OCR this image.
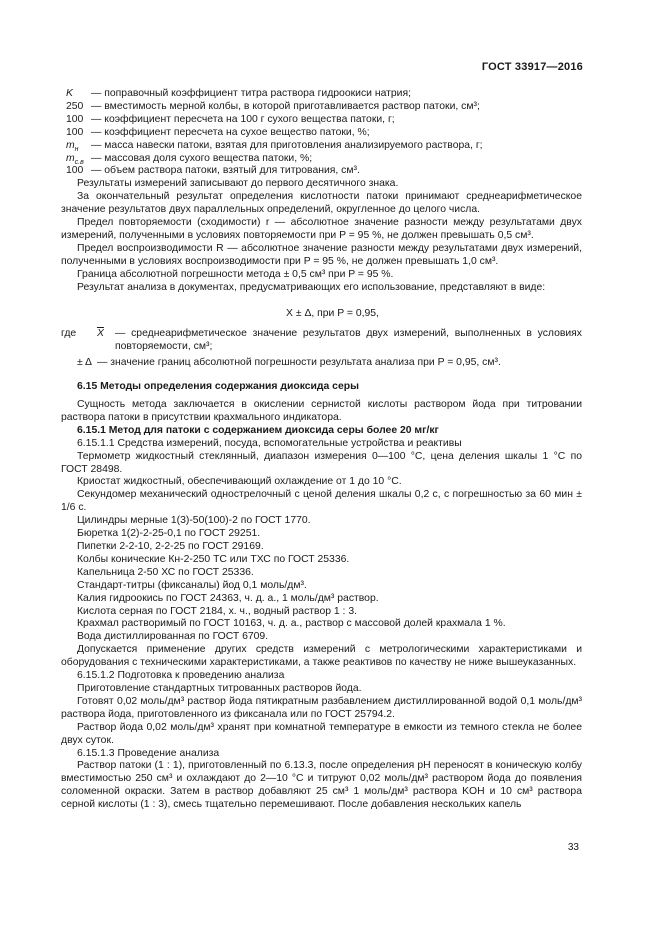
ГОСТ 33917—2016
K	— поправочный коэффициент титра раствора гидроокиси натрия;
250 — вместимость мерной колбы, в которой приготавливается раствор патоки, см³;
100 — коэффициент пересчета на 100 г сухого вещества патоки, г;
100 — коэффициент пересчета на сухое вещество патоки, %;
$m_н$	— масса навески патоки, взятая для приготовления анализируемого раствора, г;
$m_{с.в}$ — массовая доля сухого вещества патоки, %;
100 — объем раствора патоки, взятый для титрования, см³.

Результаты измерений записывают до первого десятичного знака.

За окончательный результат определения кислотности патоки принимают среднеарифметическое значение результатов двух параллельных определений, округленное до целого числа.

Предел повторяемости (сходимости) r — абсолютное значение разности между результатами двух измерений, полученными в условиях повторяемости при P = 95 %, не должен превышать 0,5 см³.

Предел воспроизводимости R — абсолютное значение разности между результатами двух измерений, полученными в условиях воспроизводимости при P = 95 %, не должен превышать 1,0 см³.

Граница абсолютной погрешности метода ± 0,5 см³ при P = 95 %.

Результат анализа в документах, предусматривающих его использование, представляют в виде:

X ± Δ, при P = 0,95,
где	$\overline{X}$	— среднеарифметическое значение результатов двух измерений, выполненных в условиях повторяемости, см³;
± Δ — значение границ абсолютной погрешности результата анализа при P = 0,95, см³.

6.15 Методы определения содержания диоксида серы

Сущность метода заключается в окислении сернистой кислоты раствором йода при титровании раствора патоки в присутствии крахмального индикатора.

6.15.1 Метод для патоки с содержанием диоксида серы более 20 мг/кг

6.15.1.1 Средства измерений, посуда, вспомогательные устройства и реактивы

Термометр жидкостный стеклянный, диапазон измерения 0—100 °С, цена деления шкалы 1 °С по ГОСТ 28498.

Криостат жидкостный, обеспечивающий охлаждение от 1 до 10 °С.

Секундомер механический однострелочный с ценой деления шкалы 0,2 с, с погрешностью за 60 мин ± 1/6 с.

Цилиндры мерные 1(3)-50(100)-2 по ГОСТ 1770.

Бюретка 1(2)-2-25-0,1 по ГОСТ 29251.

Пипетки 2-2-10, 2-2-25 по ГОСТ 29169.

Колбы конические Кн-2-250 ТС или ТХС по ГОСТ 25336.

Капельница 2-50 ХС по ГОСТ 25336.

Стандарт-титры (фиксаналы) йод 0,1 моль/дм³.

Калия гидроокись по ГОСТ 24363, ч. д. а., 1 моль/дм³ раствор.

Кислота серная по ГОСТ 2184, х. ч., водный раствор 1 : 3.

Крахмал растворимый по ГОСТ 10163, ч. д. а., раствор с массовой долей крахмала 1 %.

Вода дистиллированная по ГОСТ 6709.

Допускается применение других средств измерений с метрологическими характеристиками и оборудования с техническими характеристиками, а также реактивов по качеству не ниже вышеуказанных.

6.15.1.2 Подготовка к проведению анализа

Приготовление стандартных титрованных растворов йода.

Готовят 0,02 моль/дм³ раствор йода пятикратным разбавлением дистиллированной водой 0,1 моль/дм³ раствора йода, приготовленного из фиксанала или по ГОСТ 25794.2.

Раствор йода 0,02 моль/дм³ хранят при комнатной температуре в емкости из темного стекла не более двух суток.

6.15.1.3 Проведение анализа

Раствор патоки (1 : 1), приготовленный по 6.13.3, после определения pH переносят в коническую колбу вместимостью 250 см³ и охлаждают до 2—10 °С и титруют 0,02 моль/дм³ раствором йода до появления соломенной окраски. Затем в раствор добавляют 25 см³ 1 моль/дм³ раствора KOH и 10 см³ раствора серной кислоты (1 : 3), смесь тщательно перемешивают. После добавления нескольких капель

33
